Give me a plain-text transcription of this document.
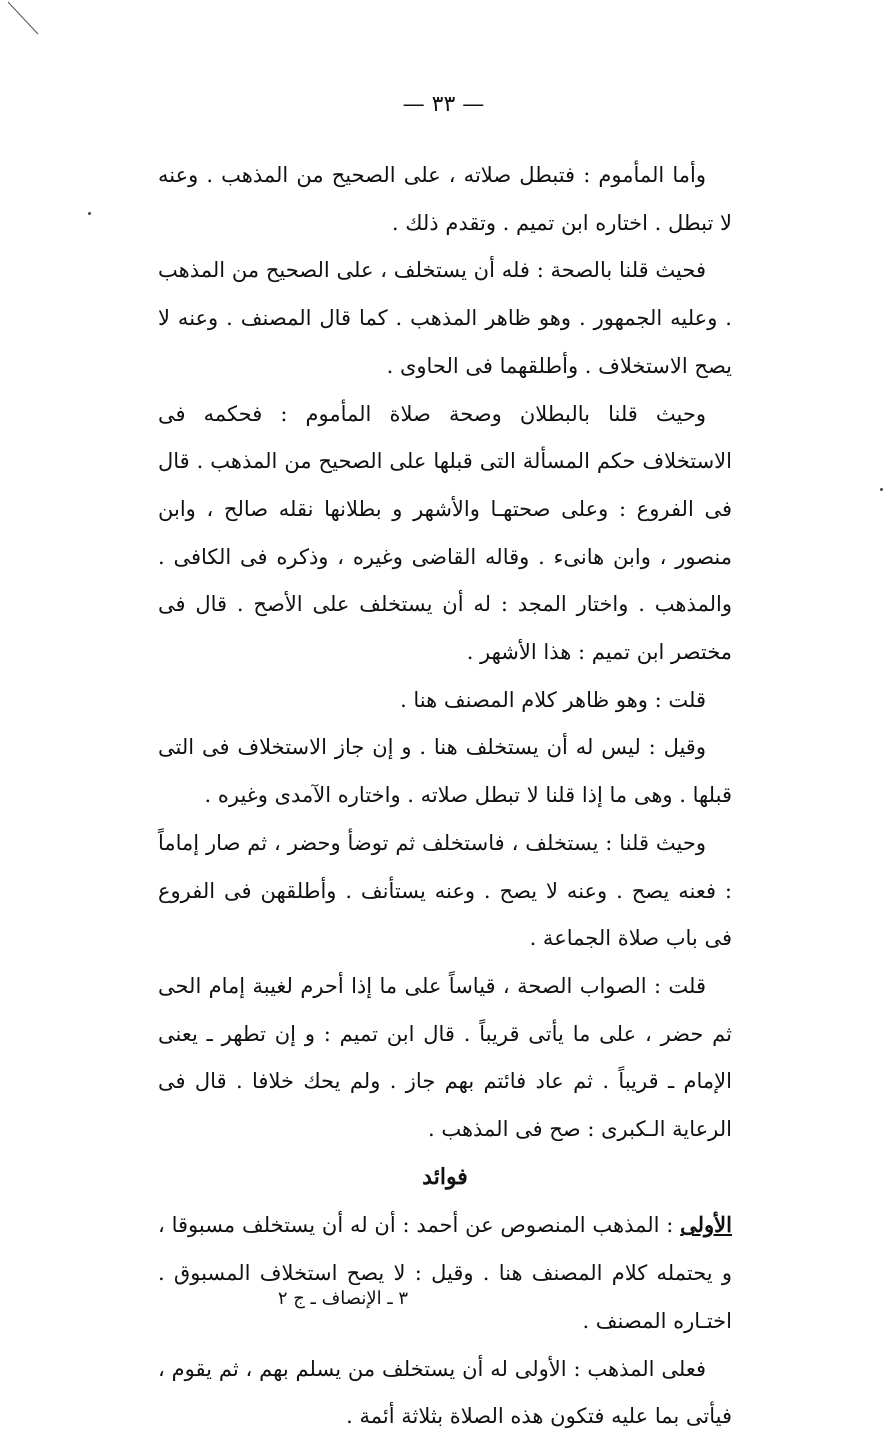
— ٣٣ —

وأما المأموم : فتبطل صلاته ، على الصحيح من المذهب . وعنه لا تبطل . اختاره ابن تميم . وتقدم ذلك .

فحيث قلنا بالصحة : فله أن يستخلف ، على الصحيح من المذهب . وعليه الجمهور . وهو ظاهر المذهب . كما قال المصنف . وعنه لا يصح الاستخلاف . وأطلقهما فى الحاوى .

وحيث قلنا بالبطلان وصحة صلاة المأموم : فحكمه فى الاستخلاف حكم المسألة التى قبلها على الصحيح من المذهب . قال فى الفروع : وعلى صحتهـا والأشهر و بطلانها نقله صالح ، وابن منصور ، وابن هانىء . وقاله القاضى وغيره ، وذكره فى الكافى . والمذهب . واختار المجد : له أن يستخلف على الأصح . قال فى مختصر ابن تميم : هذا الأشهر .

قلت : وهو ظاهر كلام المصنف هنا .

وقيل : ليس له أن يستخلف هنا . و إن جاز الاستخلاف فى التى قبلها . وهى ما إذا قلنا لا تبطل صلاته . واختاره الآمدى وغيره .

وحيث قلنا : يستخلف ، فاستخلف ثم توضأ وحضر ، ثم صار إماماً : فعنه يصح . وعنه لا يصح . وعنه يستأنف . وأطلقهن فى الفروع فى باب صلاة الجماعة .

قلت : الصواب الصحة ، قياساً على ما إذا أحرم لغيبة إمام الحى ثم حضر ، على ما يأتى قريباً . قال ابن تميم : و إن تطهر ـ يعنى الإمام ـ قريباً . ثم عاد فائتم بهم جاز . ولم يحك خلافا . قال فى الرعاية الـكبرى : صح فى المذهب .

فوائد

الأولى : المذهب المنصوص عن أحمد : أن له أن يستخلف مسبوقا ، و يحتمله كلام المصنف هنا . وقيل : لا يصح استخلاف المسبوق . اختـاره المصنف .

فعلى المذهب : الأولى له أن يستخلف من يسلم بهم ، ثم يقوم ، فيأتى بما عليه فتكون هذه الصلاة بثلاثة أئمة .

٣ ـ الإنصاف ـ ج ٢
